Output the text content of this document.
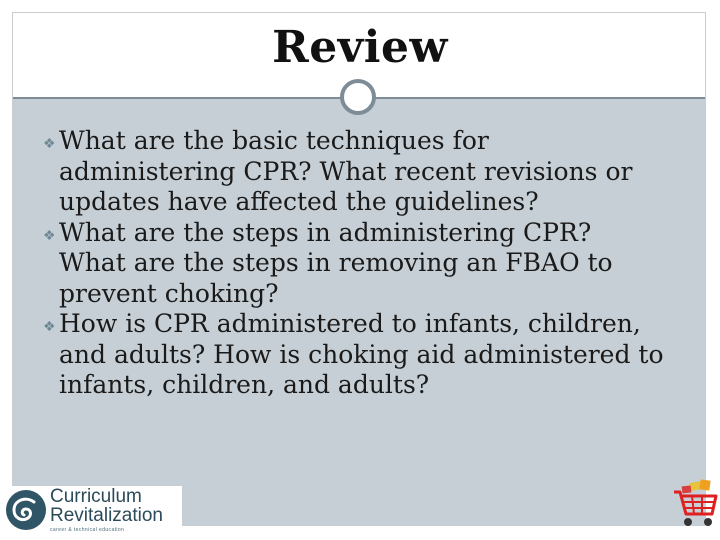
Review
❖ What are the basic techniques for
administering CPR? What recent revisions or updates have affected the guidelines?
❖ What are the steps in administering CPR?
What are the steps in removing an FBAO to prevent choking?
❖ How is CPR administered to infants, children,
and adults? How is choking aid administered to infants, children, and adults?
Curriculum
Revitalization
career & technical education
